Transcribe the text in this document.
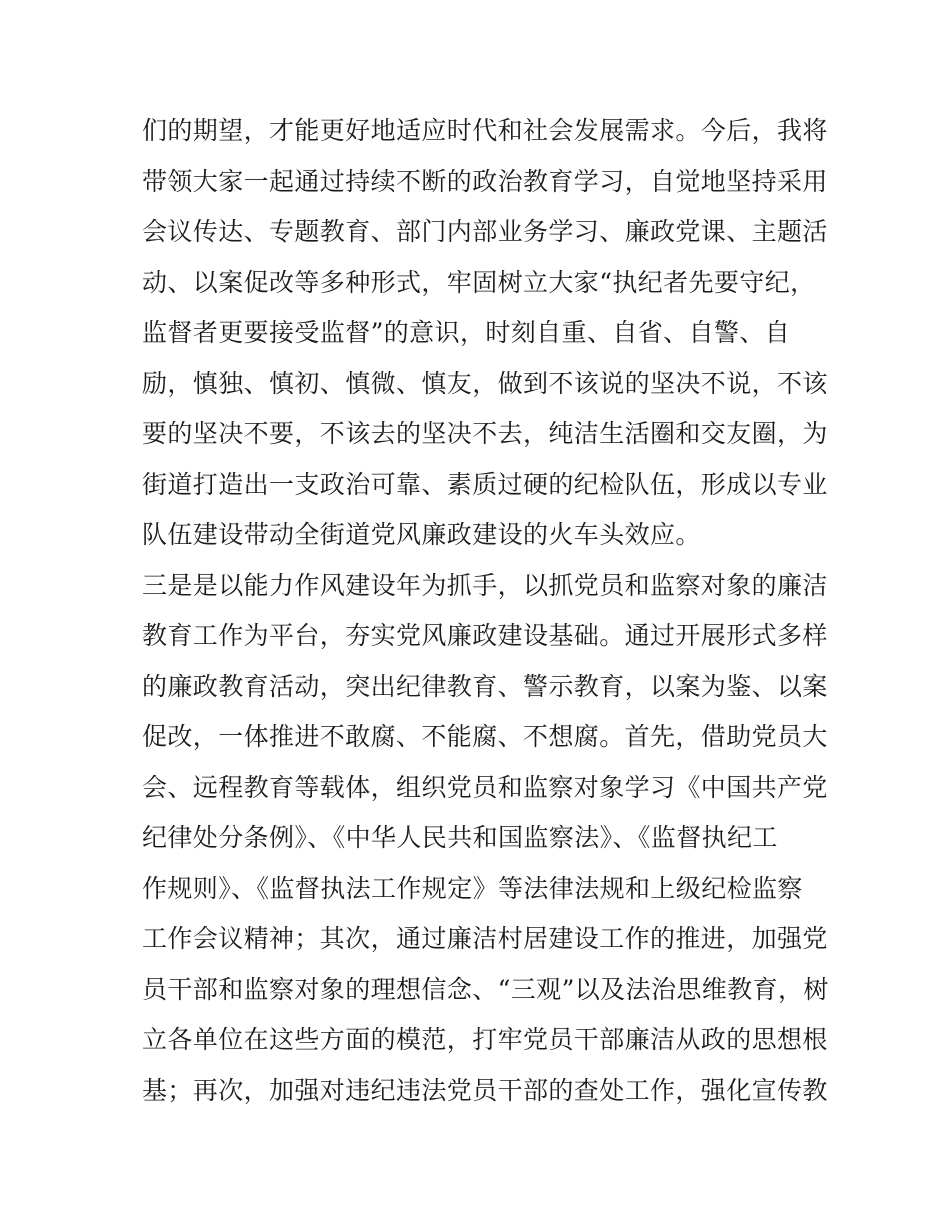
们的期望，才能更好地适应时代和社会发展需求。今后，我将
带领大家一起通过持续不断的政治教育学习，自觉地坚持采用
会议传达、专题教育、部门内部业务学习、廉政党课、主题活
动、以案促改等多种形式，牢固树立大家“执纪者先要守纪，
监督者更要接受监督”的意识，时刻自重、自省、自警、自
励，慎独、慎初、慎微、慎友，做到不该说的坚决不说，不该
要的坚决不要，不该去的坚决不去，纯洁生活圈和交友圈，为
街道打造出一支政治可靠、素质过硬的纪检队伍，形成以专业
队伍建设带动全街道党风廉政建设的火车头效应。
三是是以能力作风建设年为抓手，以抓党员和监察对象的廉洁
教育工作为平台，夯实党风廉政建设基础。通过开展形式多样
的廉政教育活动，突出纪律教育、警示教育，以案为鉴、以案
促改，一体推进不敢腐、不能腐、不想腐。首先，借助党员大
会、远程教育等载体，组织党员和监察对象学习《中国共产党
纪律处分条例》、《中华人民共和国监察法》、《监督执纪工
作规则》、《监督执法工作规定》等法律法规和上级纪检监察
工作会议精神；其次，通过廉洁村居建设工作的推进，加强党
员干部和监察对象的理想信念、“三观”以及法治思维教育，树
立各单位在这些方面的模范，打牢党员干部廉洁从政的思想根
基；再次，加强对违纪违法党员干部的查处工作，强化宣传教
